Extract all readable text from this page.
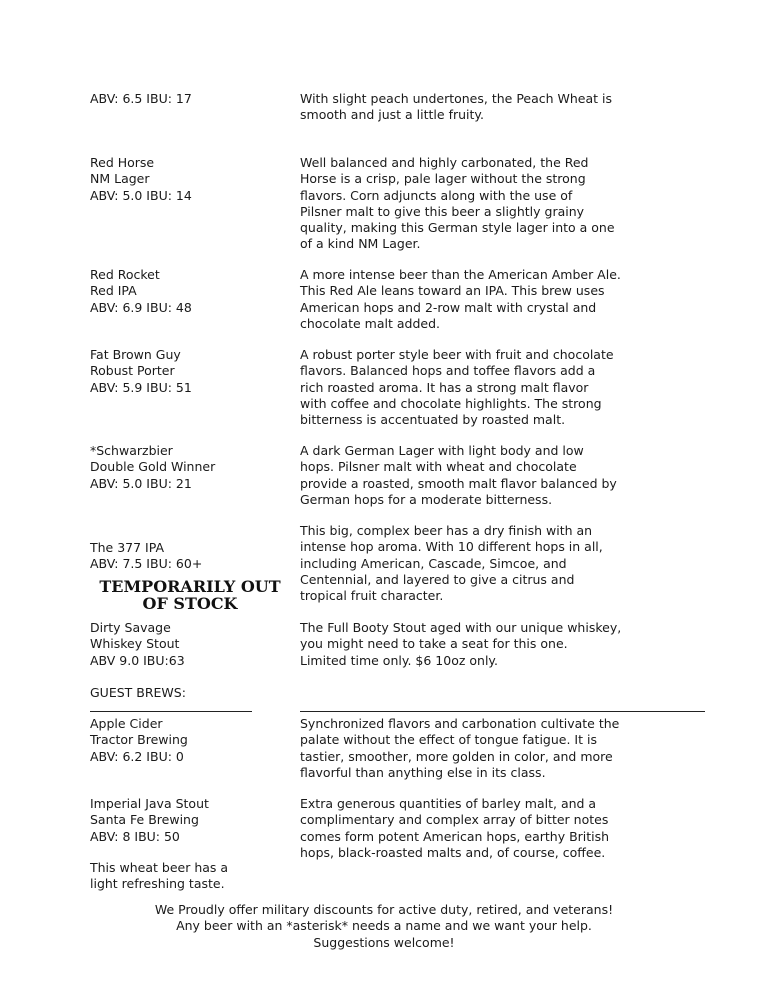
ABV: 6.5 IBU: 17	With slight peach undertones, the Peach Wheat is
smooth and just a little fruity.
Red Horse
NM Lager
ABV: 5.0 IBU: 14
Well balanced and highly carbonated, the Red
Horse is a crisp, pale lager without the strong
flavors. Corn adjuncts along with the use of
Pilsner malt to give this beer a slightly grainy
quality, making this German style lager into a one
of a kind NM Lager.
Red Rocket
Red IPA
ABV: 6.9 IBU: 48
A more intense beer than the American Amber Ale.
This Red Ale leans toward an IPA. This brew uses
American hops and 2-row malt with crystal and
chocolate malt added.
Fat Brown Guy
Robust Porter
ABV: 5.9 IBU: 51
A robust porter style beer with fruit and chocolate
flavors. Balanced hops and toffee flavors add a
rich roasted aroma. It has a strong malt flavor
with coffee and chocolate highlights. The strong
bitterness is accentuated by roasted malt.
*Schwarzbier
Double Gold Winner
ABV: 5.0 IBU: 21
A dark German Lager with light body and low
hops. Pilsner malt with wheat and chocolate
provide a roasted, smooth malt flavor balanced by
German hops for a moderate bitterness.
The 377 IPA
ABV: 7.5 IBU: 60+
This big, complex beer has a dry finish with an
intense hop aroma. With 10 different hops in all,
including American, Cascade, Simcoe, and
Centennial, and layered to give a citrus and
tropical fruit character.
TEMPORARILY OUT
OF STOCK
Dirty Savage
Whiskey Stout
ABV 9.0 IBU:63
The Full Booty Stout aged with our unique whiskey,
you might need to take a seat for this one.
Limited time only. $6 10oz only.
GUEST BREWS:
Apple Cider
Tractor Brewing
ABV: 6.2 IBU: 0
Synchronized flavors and carbonation cultivate the
palate without the effect of tongue fatigue. It is
tastier, smoother, more golden in color, and more
flavorful than anything else in its class.
Imperial Java Stout
Santa Fe Brewing
ABV: 8 IBU: 50
Extra generous quantities of barley malt, and a
complimentary and complex array of bitter notes
comes form potent American hops, earthy British
hops, black-roasted malts and, of course, coffee.
This wheat beer has a
light refreshing taste.
We Proudly offer military discounts for active duty, retired, and veterans!
Any beer with an *asterisk* needs a name and we want your help.
Suggestions welcome!
